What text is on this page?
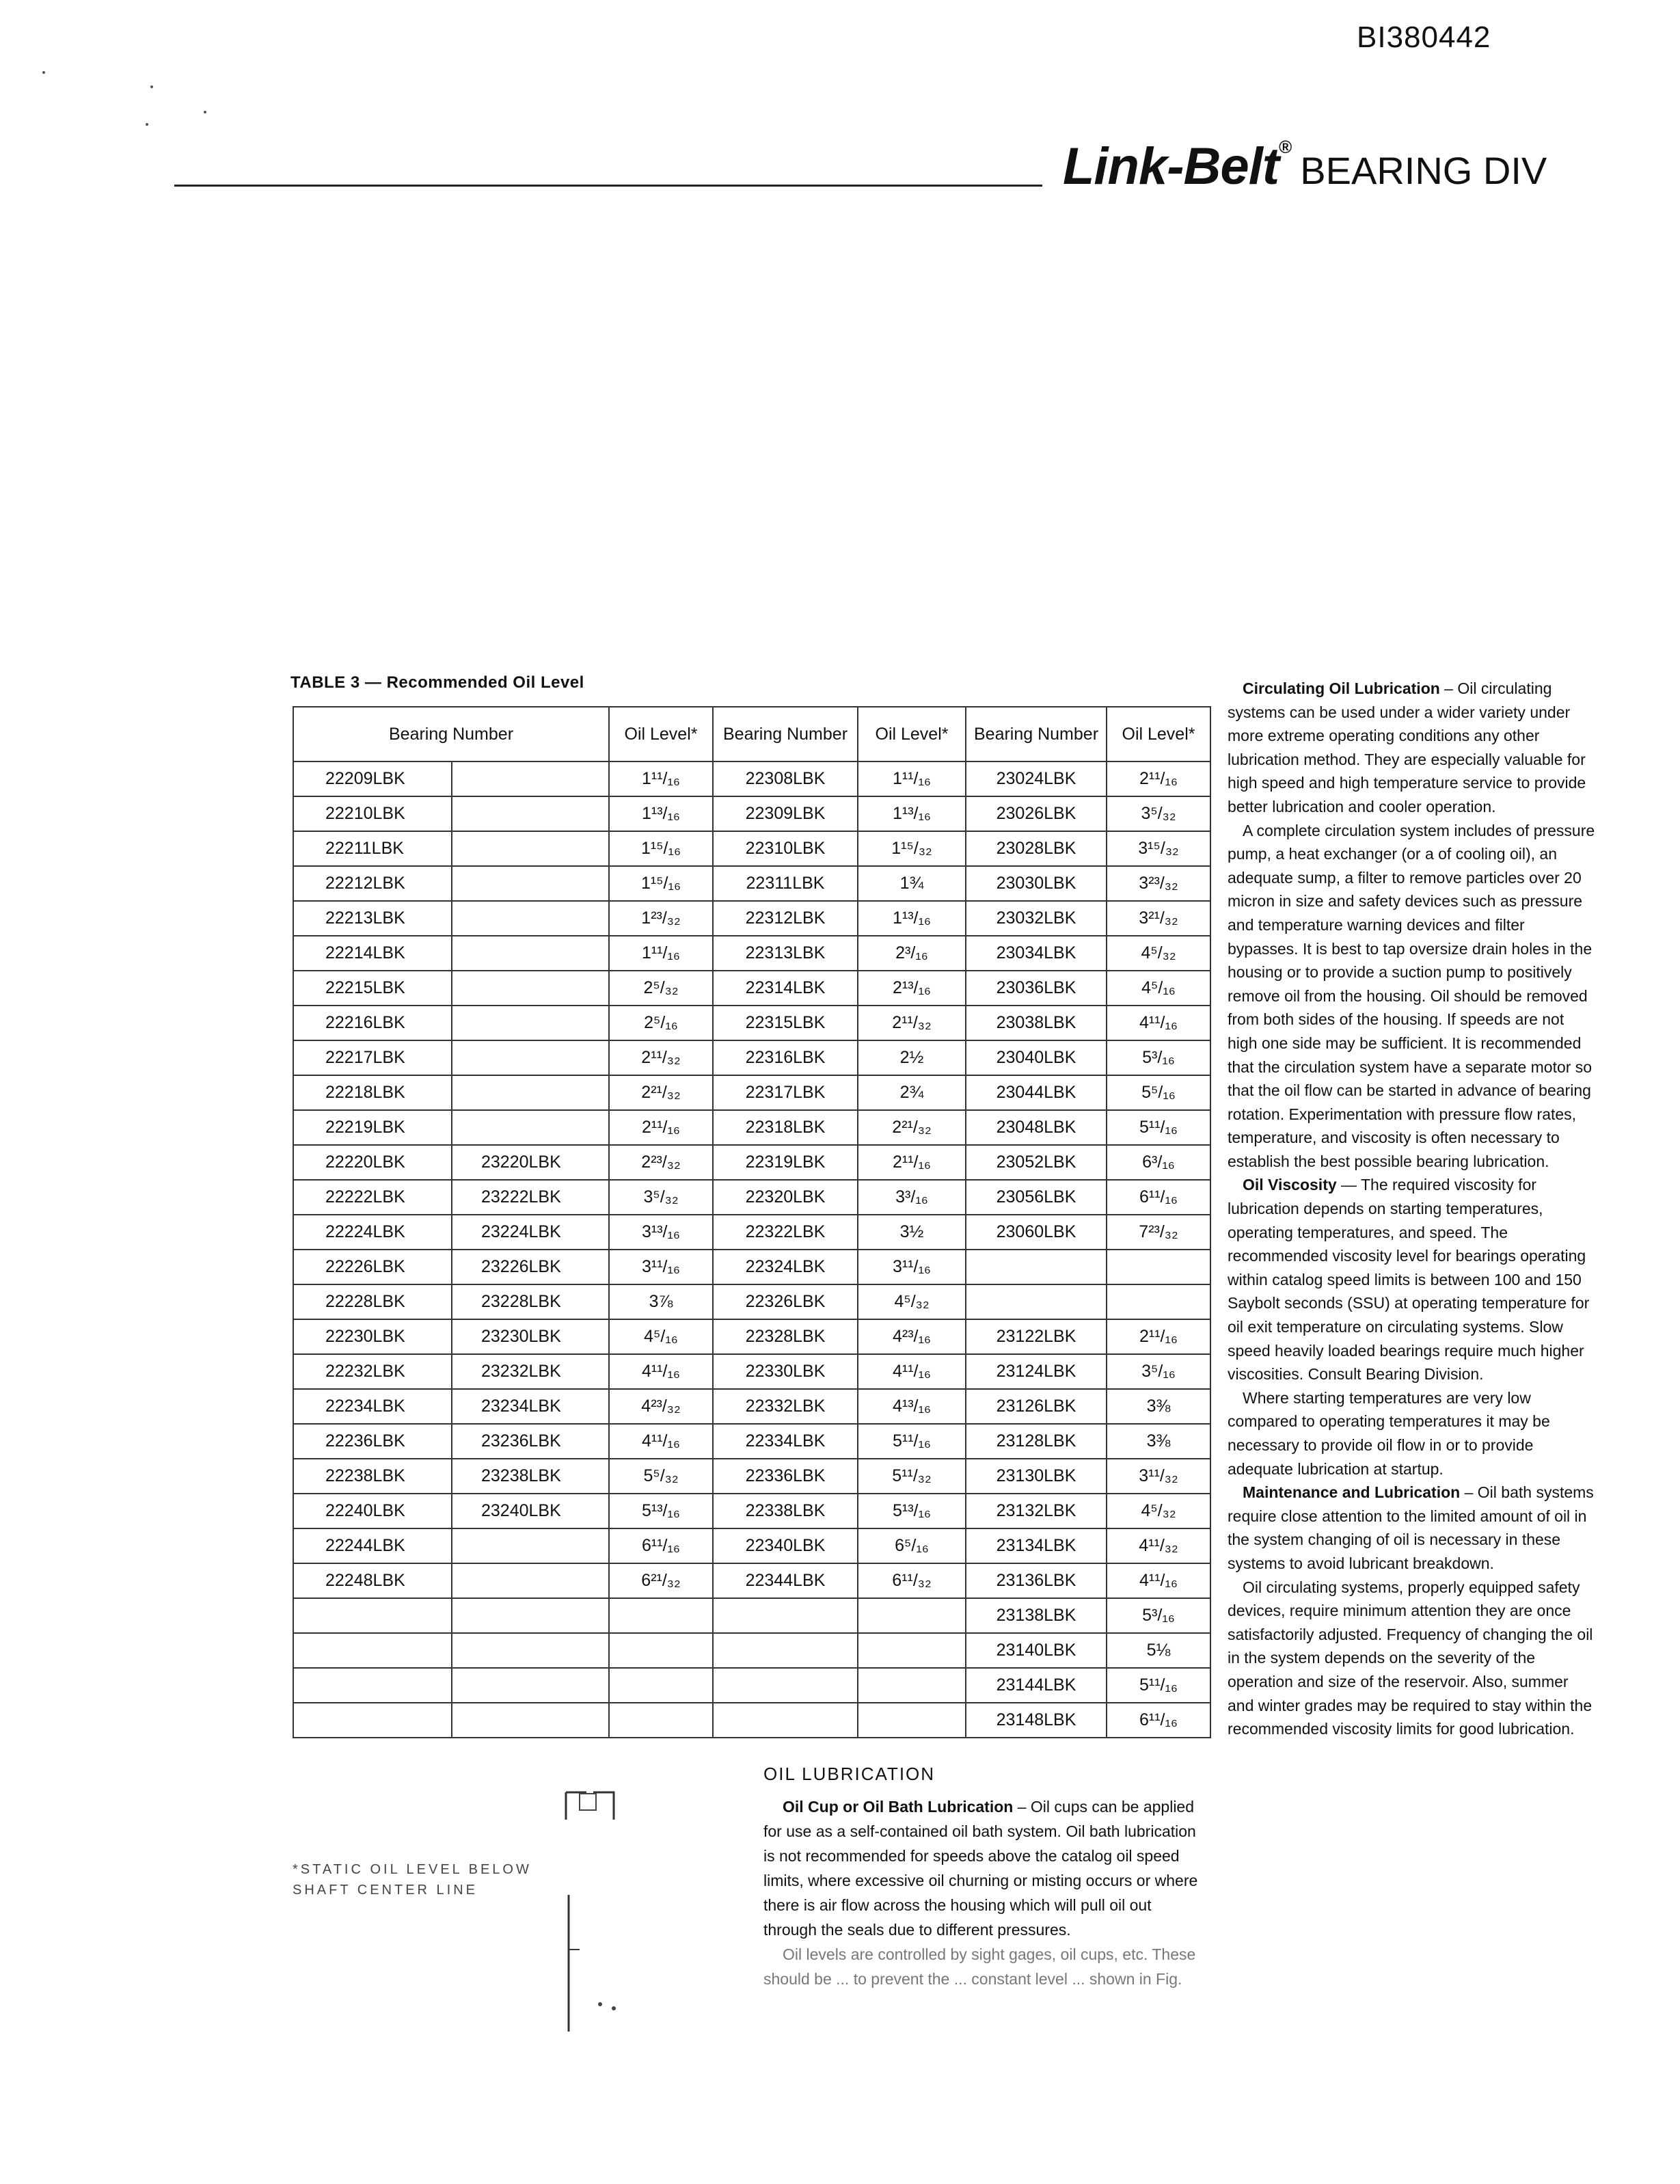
BI380442
Link-Belt®BEARING DIV
TABLE 3 — Recommended Oil Level
Bearing Number		Oil Level*	Bearing Number	Oil Level*	Bearing Number	Oil Level*
22209LBK		1¹¹/₁₆	22308LBK	1¹¹/₁₆	23024LBK	2¹¹/₁₆
22210LBK		1¹³/₁₆	22309LBK	1¹³/₁₆	23026LBK	3⁵/₃₂
22211LBK		1¹⁵/₁₆	22310LBK	1¹⁵/₃₂	23028LBK	3¹⁵/₃₂
22212LBK		1¹⁵/₁₆	22311LBK	1¾	23030LBK	3²³/₃₂
22213LBK		1²³/₃₂	22312LBK	1¹³/₁₆	23032LBK	3²¹/₃₂
22214LBK		1¹¹/₁₆	22313LBK	2³/₁₆	23034LBK	4⁵/₃₂
22215LBK		2⁵/₃₂	22314LBK	2¹³/₁₆	23036LBK	4⁵/₁₆
22216LBK		2⁵/₁₆	22315LBK	2¹¹/₃₂	23038LBK	4¹¹/₁₆
22217LBK		2¹¹/₃₂	22316LBK	2½	23040LBK	5³/₁₆
22218LBK		2²¹/₃₂	22317LBK	2¾	23044LBK	5⁵/₁₆
22219LBK		2¹¹/₁₆	22318LBK	2²¹/₃₂	23048LBK	5¹¹/₁₆
22220LBK	23220LBK	2²³/₃₂	22319LBK	2¹¹/₁₆	23052LBK	6³/₁₆
22222LBK	23222LBK	3⁵/₃₂	22320LBK	3³/₁₆	23056LBK	6¹¹/₁₆
22224LBK	23224LBK	3¹³/₁₆	22322LBK	3½	23060LBK	7²³/₃₂
22226LBK	23226LBK	3¹¹/₁₆	22324LBK	3¹¹/₁₆		
22228LBK	23228LBK	3⅞	22326LBK	4⁵/₃₂		
22230LBK	23230LBK	4⁵/₁₆	22328LBK	4²³/₁₆	23122LBK	2¹¹/₁₆
22232LBK	23232LBK	4¹¹/₁₆	22330LBK	4¹¹/₁₆	23124LBK	3⁵/₁₆
22234LBK	23234LBK	4²³/₃₂	22332LBK	4¹³/₁₆	23126LBK	3⅜
22236LBK	23236LBK	4¹¹/₁₆	22334LBK	5¹¹/₁₆	23128LBK	3⅜
22238LBK	23238LBK	5⁵/₃₂	22336LBK	5¹¹/₃₂	23130LBK	3¹¹/₃₂
22240LBK	23240LBK	5¹³/₁₆	22338LBK	5¹³/₁₆	23132LBK	4⁵/₃₂
22244LBK		6¹¹/₁₆	22340LBK	6⁵/₁₆	23134LBK	4¹¹/₃₂
22248LBK		6²¹/₃₂	22344LBK	6¹¹/₃₂	23136LBK	4¹¹/₁₆
					23138LBK	5³/₁₆
					23140LBK	5⅛
					23144LBK	5¹¹/₁₆
					23148LBK	6¹¹/₁₆
*STATIC OIL LEVEL BELOW
SHAFT CENTER LINE
OIL LUBRICATION

Oil Cup or Oil Bath Lubrication – Oil cups can be applied for use as a self-contained oil bath system. Oil bath lubrication is not recommended for speeds above the catalog oil speed limits, where excessive oil churning or misting occurs or where there is air flow across the housing which will pull oil out through the seals due to different pressures.

Oil levels are controlled by sight gages, oil cups, etc. These should be ... to prevent the ... constant level ... shown in Fig.

Circulating Oil Lubrication – Oil circulating systems can be used under a wider variety under more extreme operating conditions any other lubrication method. They are especially valuable for high speed and high temperature service to provide better lubrication and cooler operation.

A complete circulation system includes of pressure pump, a heat exchanger (or a of cooling oil), an adequate sump, a filter to remove particles over 20 micron in size and safety devices such as pressure and temperature warning devices and filter bypasses. It is best to tap oversize drain holes in the housing or to provide a suction pump to positively remove oil from the housing. Oil should be removed from both sides of the housing. If speeds are not high one side may be sufficient. It is recommended that the circulation system have a separate motor so that the oil flow can be started in advance of bearing rotation. Experimentation with pressure flow rates, temperature, and viscosity is often necessary to establish the best possible bearing lubrication.

Oil Viscosity — The required viscosity for lubrication depends on starting temperatures, operating temperatures, and speed. The recommended viscosity level for bearings operating within catalog speed limits is between 100 and 150 Saybolt seconds (SSU) at operating temperature for oil exit temperature on circulating systems. Slow speed heavily loaded bearings require much higher viscosities. Consult Bearing Division.

Where starting temperatures are very low compared to operating temperatures it may be necessary to provide oil flow in or to provide adequate lubrication at startup.

Maintenance and Lubrication – Oil bath systems require close attention to the limited amount of oil in the system changing of oil is necessary in these systems to avoid lubricant breakdown.

Oil circulating systems, properly equipped safety devices, require minimum attention they are once satisfactorily adjusted. Frequency of changing the oil in the system depends on the severity of the operation and size of the reservoir. Also, summer and winter grades may be required to stay within the recommended viscosity limits for good lubrication.
